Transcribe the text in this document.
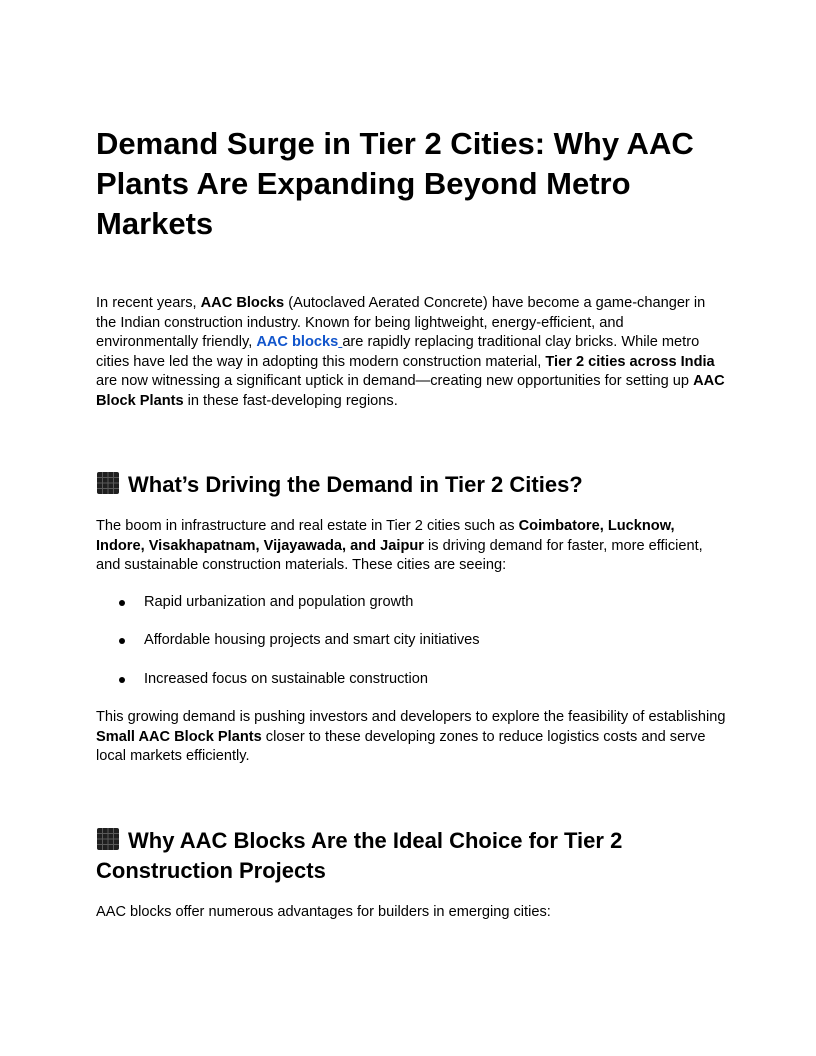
Demand Surge in Tier 2 Cities: Why AAC Plants Are Expanding Beyond Metro Markets

In recent years, AAC Blocks (Autoclaved Aerated Concrete) have become a game-changer in the Indian construction industry. Known for being lightweight, energy-efficient, and environmentally friendly, AAC blocks are rapidly replacing traditional clay bricks. While metro cities have led the way in adopting this modern construction material, Tier 2 cities across India are now witnessing a significant uptick in demand—creating new opportunities for setting up AAC Block Plants in these fast-developing regions.

What’s Driving the Demand in Tier 2 Cities?

The boom in infrastructure and real estate in Tier 2 cities such as Coimbatore, Lucknow, Indore, Visakhapatnam, Vijayawada, and Jaipur is driving demand for faster, more efficient, and sustainable construction materials. These cities are seeing:

Rapid urbanization and population growth
Affordable housing projects and smart city initiatives
Increased focus on sustainable construction

This growing demand is pushing investors and developers to explore the feasibility of establishing Small AAC Block Plants closer to these developing zones to reduce logistics costs and serve local markets efficiently.

Why AAC Blocks Are the Ideal Choice for Tier 2 Construction Projects

AAC blocks offer numerous advantages for builders in emerging cities:
